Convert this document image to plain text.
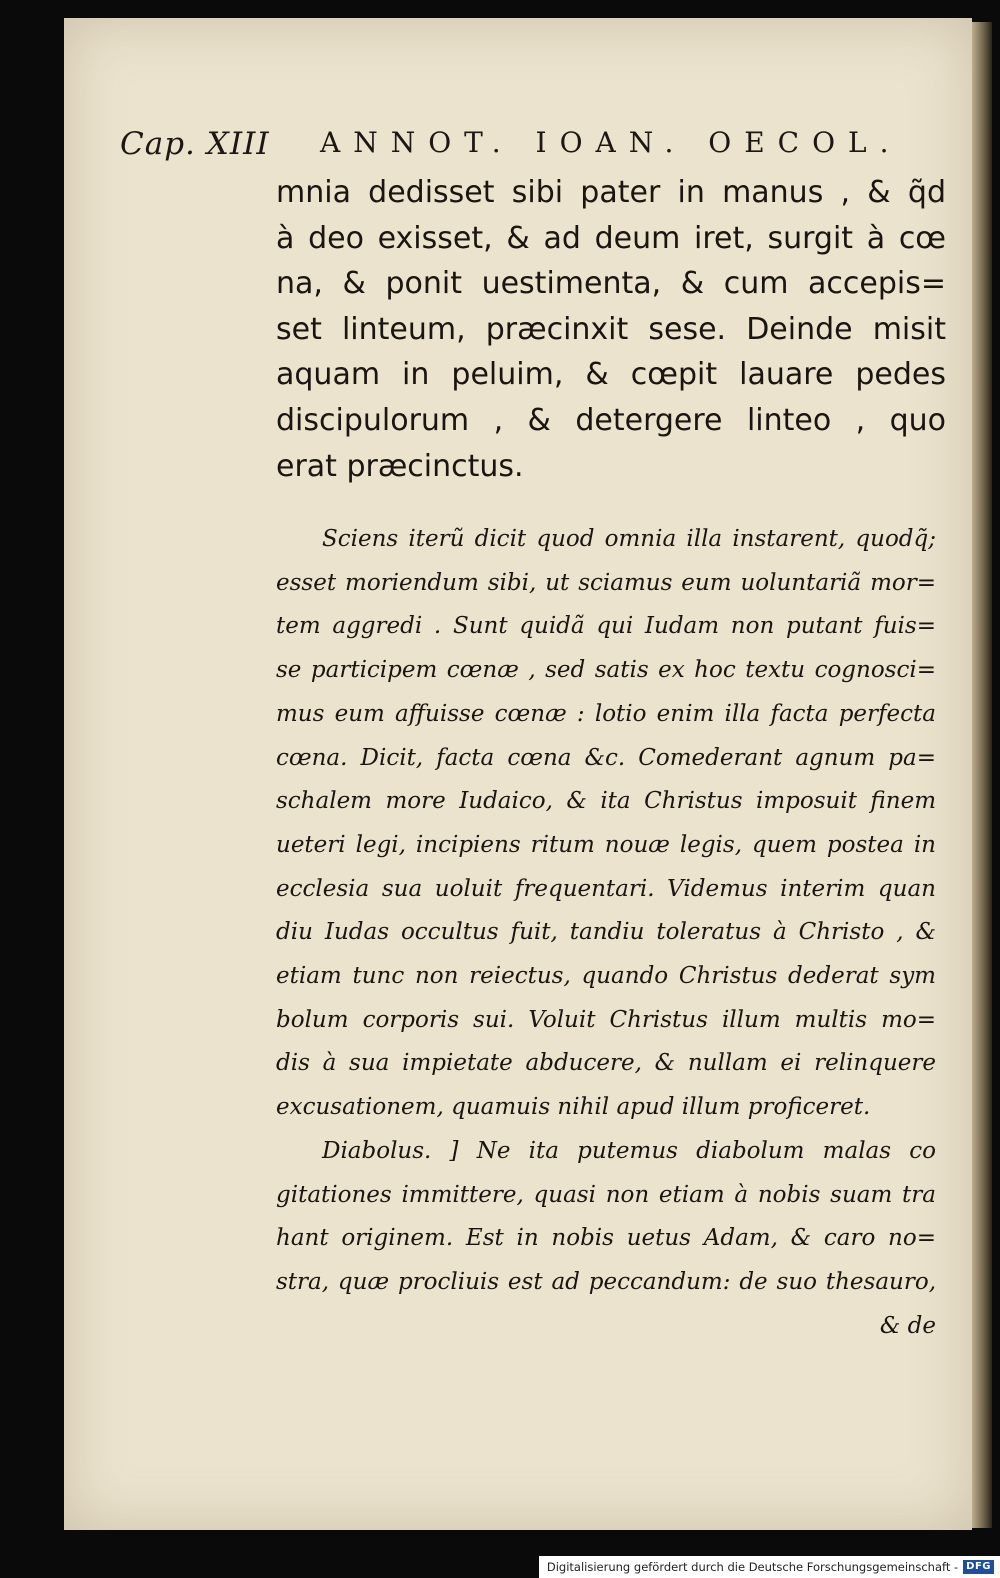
Cap. XIII ANNOT. IOAN. OECOL.
mnia dedisset sibi pater in manus , & q̃d
à deo exisset, & ad deum iret, surgit à cœ
na, & ponit uestimenta, & cum accepis=
set linteum, præcinxit sese. Deinde misit
aquam in peluim, & cœpit lauare pedes
discipulorum , & detergere linteo , quo
erat præcinctus.
Sciens iterũ dicit quod omnia illa instarent, quodq̃;
esset moriendum sibi, ut sciamus eum uoluntariã mor=
tem aggredi . Sunt quidã qui Iudam non putant fuis=
se participem cœnæ , sed satis ex hoc textu cognosci=
mus eum affuisse cœnæ : lotio enim illa facta perfecta
cœna. Dicit, facta cœna &c. Comederant agnum pa=
schalem more Iudaico, & ita Christus imposuit finem
ueteri legi, incipiens ritum nouæ legis, quem postea in
ecclesia sua uoluit frequentari. Videmus interim quan
diu Iudas occultus fuit, tandiu toleratus à Christo , &
etiam tunc non reiectus, quando Christus dederat sym
bolum corporis sui. Voluit Christus illum multis mo=
dis à sua impietate abducere, & nullam ei relinquere
excusationem, quamuis nihil apud illum proficeret.
Diabolus. ] Ne ita putemus diabolum malas co
gitationes immittere, quasi non etiam à nobis suam tra
hant originem. Est in nobis uetus Adam, & caro no=
stra, quæ procliuis est ad peccandum: de suo thesauro,
& de
Digitalisierung gefördert durch die Deutsche Forschungsgemeinschaft - DFG
